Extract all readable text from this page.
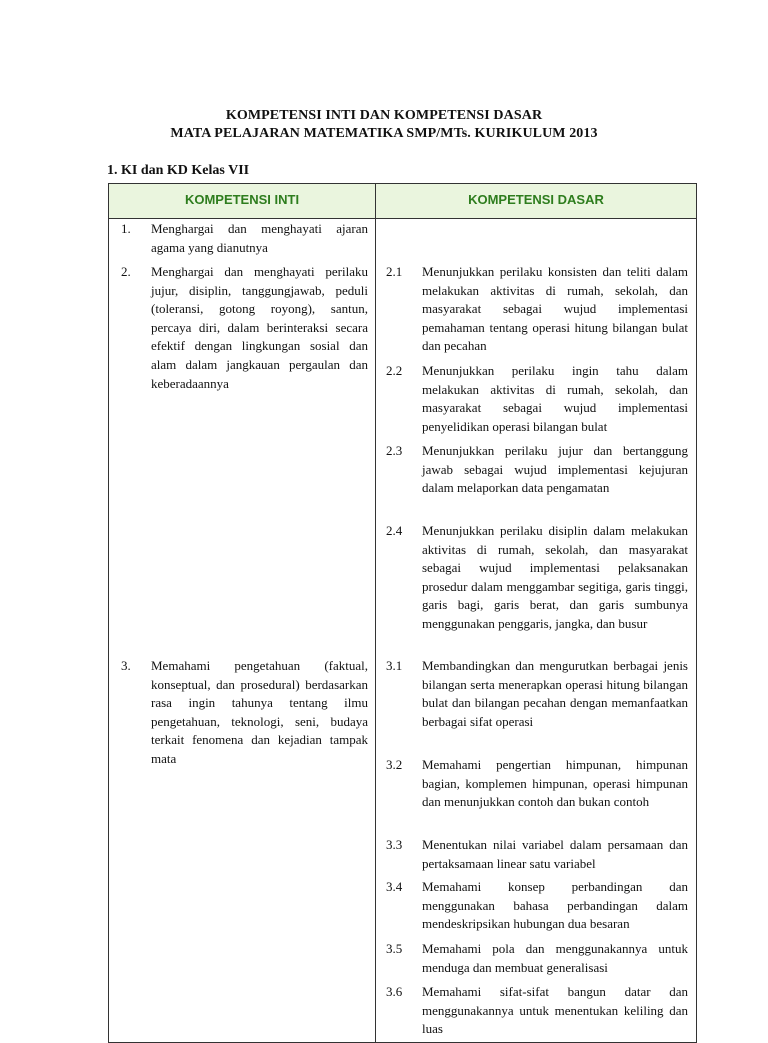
KOMPETENSI INTI DAN KOMPETENSI DASAR
MATA PELAJARAN MATEMATIKA SMP/MTs. KURIKULUM 2013
1. KI dan KD Kelas VII
KOMPETENSI INTI	KOMPETENSI DASAR
1. Menghargai dan menghayati ajaran agama yang dianutnya
2. Menghargai dan menghayati perilaku jujur, disiplin, tanggungjawab, peduli (toleransi, gotong royong), santun, percaya diri, dalam berinteraksi secara efektif dengan lingkungan sosial dan alam dalam jangkauan pergaulan dan keberadaannya
3. Memahami pengetahuan (faktual, konseptual, dan prosedural) berdasarkan rasa ingin tahunya tentang ilmu pengetahuan, teknologi, seni, budaya terkait fenomena dan kejadian tampak mata
2.1 Menunjukkan perilaku konsisten dan teliti dalam melakukan aktivitas di rumah, sekolah, dan masyarakat sebagai wujud implementasi pemahaman tentang operasi hitung bilangan bulat dan pecahan
2.2 Menunjukkan perilaku ingin tahu dalam melakukan aktivitas di rumah, sekolah, dan masyarakat sebagai wujud implementasi penyelidikan operasi bilangan bulat
2.3 Menunjukkan perilaku jujur dan bertanggung jawab sebagai wujud implementasi kejujuran dalam melaporkan data pengamatan
2.4 Menunjukkan perilaku disiplin dalam melakukan aktivitas di rumah, sekolah, dan masyarakat sebagai wujud implementasi pelaksanakan prosedur dalam menggambar segitiga, garis tinggi, garis bagi, garis berat, dan garis sumbunya menggunakan penggaris, jangka, dan busur
3.1 Membandingkan dan mengurutkan berbagai jenis bilangan serta menerapkan operasi hitung bilangan bulat dan bilangan pecahan dengan memanfaatkan berbagai sifat operasi
3.2 Memahami pengertian himpunan, himpunan bagian, komplemen himpunan, operasi himpunan dan menunjukkan contoh dan bukan contoh
3.3 Menentukan nilai variabel dalam persamaan dan pertaksamaan linear satu variabel
3.4 Memahami konsep perbandingan dan menggunakan bahasa perbandingan dalam mendeskripsikan hubungan dua besaran
3.5 Memahami pola dan menggunakannya untuk menduga dan membuat generalisasi
3.6 Memahami sifat-sifat bangun datar dan menggunakannya untuk menentukan keliling dan luas
